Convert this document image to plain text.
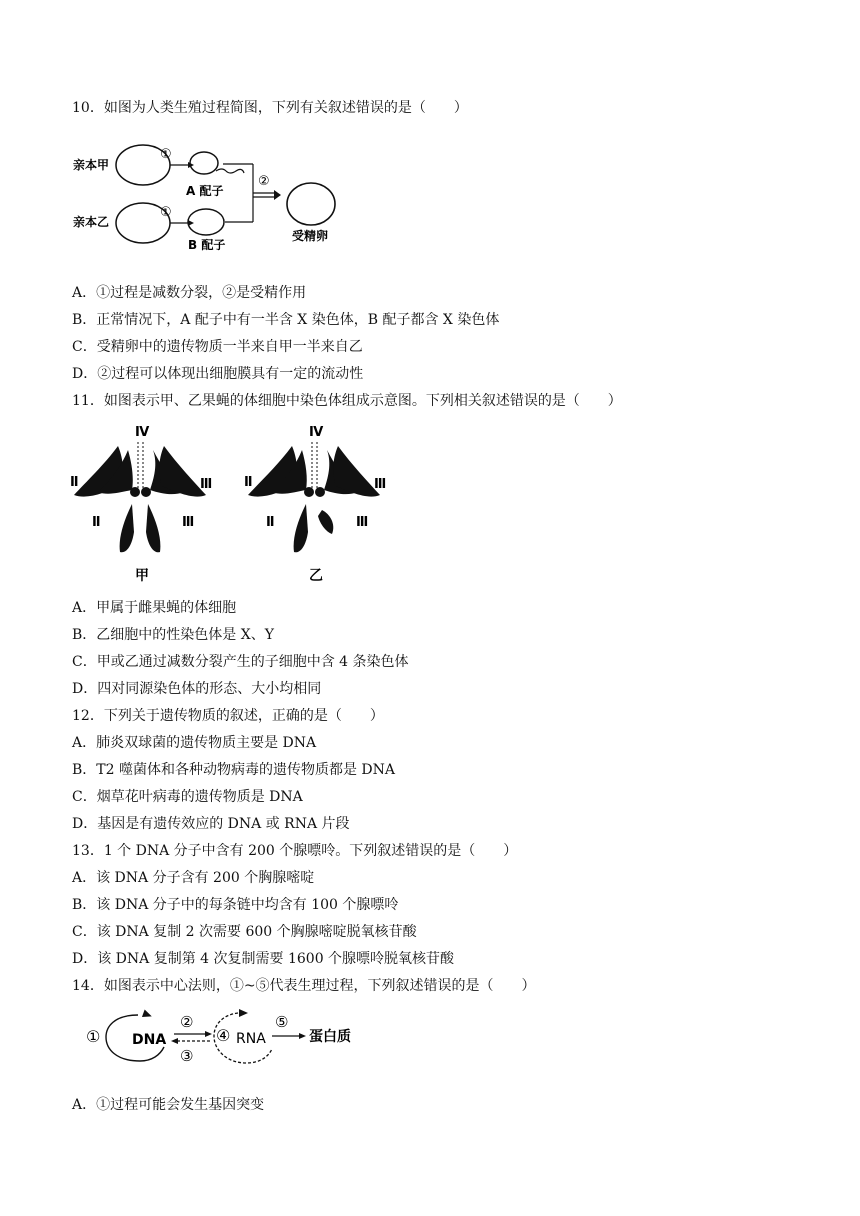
10．如图为人类生殖过程简图，下列有关叙述错误的是（　　）
亲本甲
亲本乙
①
①
A 配子
B 配子
②
受精卵
A．①过程是减数分裂，②是受精作用
B．正常情况下，A 配子中有一半含 X 染色体，B 配子都含 X 染色体
C．受精卵中的遗传物质一半来自甲一半来自乙
D．②过程可以体现出细胞膜具有一定的流动性
11．如图表示甲、乙果蝇的体细胞中染色体组成示意图。下列相关叙述错误的是（　　）
Ⅳ
Ⅱ
Ⅱ
Ⅲ
Ⅲ
甲
Ⅳ
Ⅱ
Ⅱ
Ⅲ
Ⅲ
乙
A．甲属于雌果蝇的体细胞
B．乙细胞中的性染色体是 X、Y
C．甲或乙通过减数分裂产生的子细胞中含 4 条染色体
D．四对同源染色体的形态、大小均相同
12．下列关于遗传物质的叙述，正确的是（　　）
A．肺炎双球菌的遗传物质主要是 DNA
B．T2 噬菌体和各种动物病毒的遗传物质都是 DNA
C．烟草花叶病毒的遗传物质是 DNA
D．基因是有遗传效应的 DNA 或 RNA 片段
13．1 个 DNA 分子中含有 200 个腺嘌呤。下列叙述错误的是（　　）
A．该 DNA 分子含有 200 个胸腺嘧啶
B．该 DNA 分子中的每条链中均含有 100 个腺嘌呤
C．该 DNA 复制 2 次需要 600 个胸腺嘧啶脱氧核苷酸
D．该 DNA 复制第 4 次复制需要 1600 个腺嘌呤脱氧核苷酸
14．如图表示中心法则，①~⑤代表生理过程，下列叙述错误的是（　　）
① DNA
②
③
④ RNA
⑤
蛋白质
A．①过程可能会发生基因突变
